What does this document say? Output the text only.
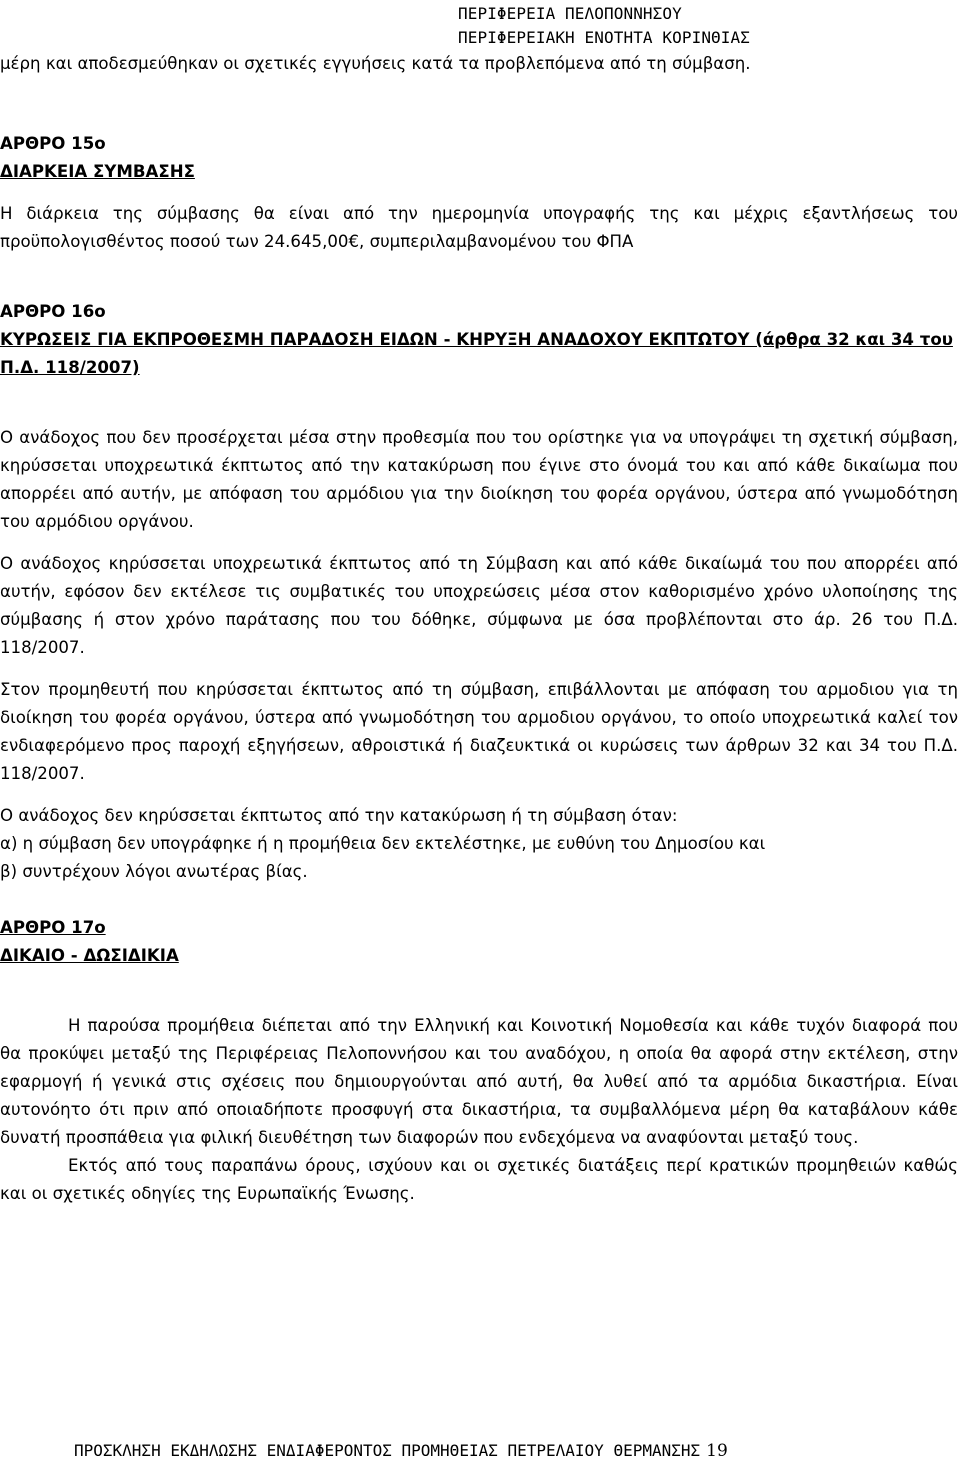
ΠΕΡΙΦΕΡΕΙΑ ΠΕΛΟΠΟΝΝΗΣΟΥ
ΠΕΡΙΦΕΡΕΙΑΚΗ ΕΝΟΤΗΤΑ ΚΟΡΙΝΘΙΑΣ

μέρη και αποδεσμεύθηκαν οι σχετικές εγγυήσεις κατά τα προβλεπόμενα από τη σύμβαση.

ΑΡΘΡΟ 15ο

ΔΙΑΡΚΕΙΑ ΣΥΜΒΑΣΗΣ

Η διάρκεια της σύμβασης θα είναι από την ημερομηνία υπογραφής της και μέχρις εξαντλήσεως του προϋπολογισθέντος ποσού των 24.645,00€, συμπεριλαμβανομένου του ΦΠΑ

ΑΡΘΡΟ 16ο

ΚΥΡΩΣΕΙΣ ΓΙΑ ΕΚΠΡΟΘΕΣΜΗ ΠΑΡΑΔΟΣΗ ΕΙΔΩΝ - ΚΗΡΥΞΗ ΑΝΑΔΟΧΟΥ ΕΚΠΤΩΤΟΥ (άρθρα 32 και 34 του Π.Δ. 118/2007)

Ο ανάδοχος που δεν προσέρχεται μέσα στην προθεσμία που του ορίστηκε για να υπογράψει τη σχετική σύμβαση, κηρύσσεται υποχρεωτικά έκπτωτος από την κατακύρωση που έγινε στο όνομά του και από κάθε δικαίωμα που απορρέει από αυτήν, με απόφαση του αρμόδιου για την διοίκηση του φορέα οργάνου, ύστερα από γνωμοδότηση του αρμόδιου οργάνου.

Ο ανάδοχος κηρύσσεται υποχρεωτικά έκπτωτος από τη Σύμβαση και από κάθε δικαίωμά του που απορρέει από αυτήν, εφόσον δεν εκτέλεσε τις συμβατικές του υποχρεώσεις μέσα στον καθορισμένο χρόνο υλοποίησης της σύμβασης ή στον χρόνο παράτασης που του δόθηκε, σύμφωνα με όσα προβλέπονται στο άρ. 26 του Π.Δ. 118/2007.

Στον προμηθευτή που κηρύσσεται έκπτωτος από τη σύμβαση, επιβάλλονται με απόφαση του αρμοδιου για τη διοίκηση του φορέα οργάνου, ύστερα από γνωμοδότηση του αρμοδιου οργάνου, το οποίο υποχρεωτικά καλεί τον ενδιαφερόμενο προς παροχή εξηγήσεων, αθροιστικά ή διαζευκτικά οι κυρώσεις των άρθρων 32 και 34 του Π.Δ. 118/2007.

Ο ανάδοχος δεν κηρύσσεται έκπτωτος από την κατακύρωση ή τη σύμβαση όταν:

α) η σύμβαση δεν υπογράφηκε ή η προμήθεια δεν εκτελέστηκε, με ευθύνη του Δημοσίου και

β) συντρέχουν λόγοι ανωτέρας βίας.

ΑΡΘΡΟ 17ο

ΔΙΚΑΙΟ - ΔΩΣΙΔΙΚΙΑ

Η παρούσα προμήθεια διέπεται από την Ελληνική και Κοινοτική Νομοθεσία και κάθε τυχόν διαφορά που θα προκύψει μεταξύ της Περιφέρειας Πελοποννήσου και του αναδόχου, η οποία θα αφορά στην εκτέλεση, στην εφαρμογή ή γενικά στις σχέσεις που δημιουργούνται από αυτή, θα λυθεί από τα αρμόδια δικαστήρια. Είναι αυτονόητο ότι πριν από οποιαδήποτε προσφυγή στα δικαστήρια, τα συμβαλλόμενα μέρη θα καταβάλουν κάθε δυνατή προσπάθεια για φιλική διευθέτηση των διαφορών που ενδεχόμενα να αναφύονται μεταξύ τους.

Εκτός από τους παραπάνω όρους, ισχύουν και οι σχετικές διατάξεις περί κρατικών προμηθειών καθώς και οι σχετικές οδηγίες της Ευρωπαϊκής Ένωσης.

ΠΡΟΣΚΛΗΣΗ ΕΚΔΗΛΩΣΗΣ ΕΝΔΙΑΦΕΡΟΝΤΟΣ ΠΡΟΜΗΘΕΙΑΣ ΠΕΤΡΕΛΑΙΟΥ ΘΕΡΜΑΝΣΗΣ 19
